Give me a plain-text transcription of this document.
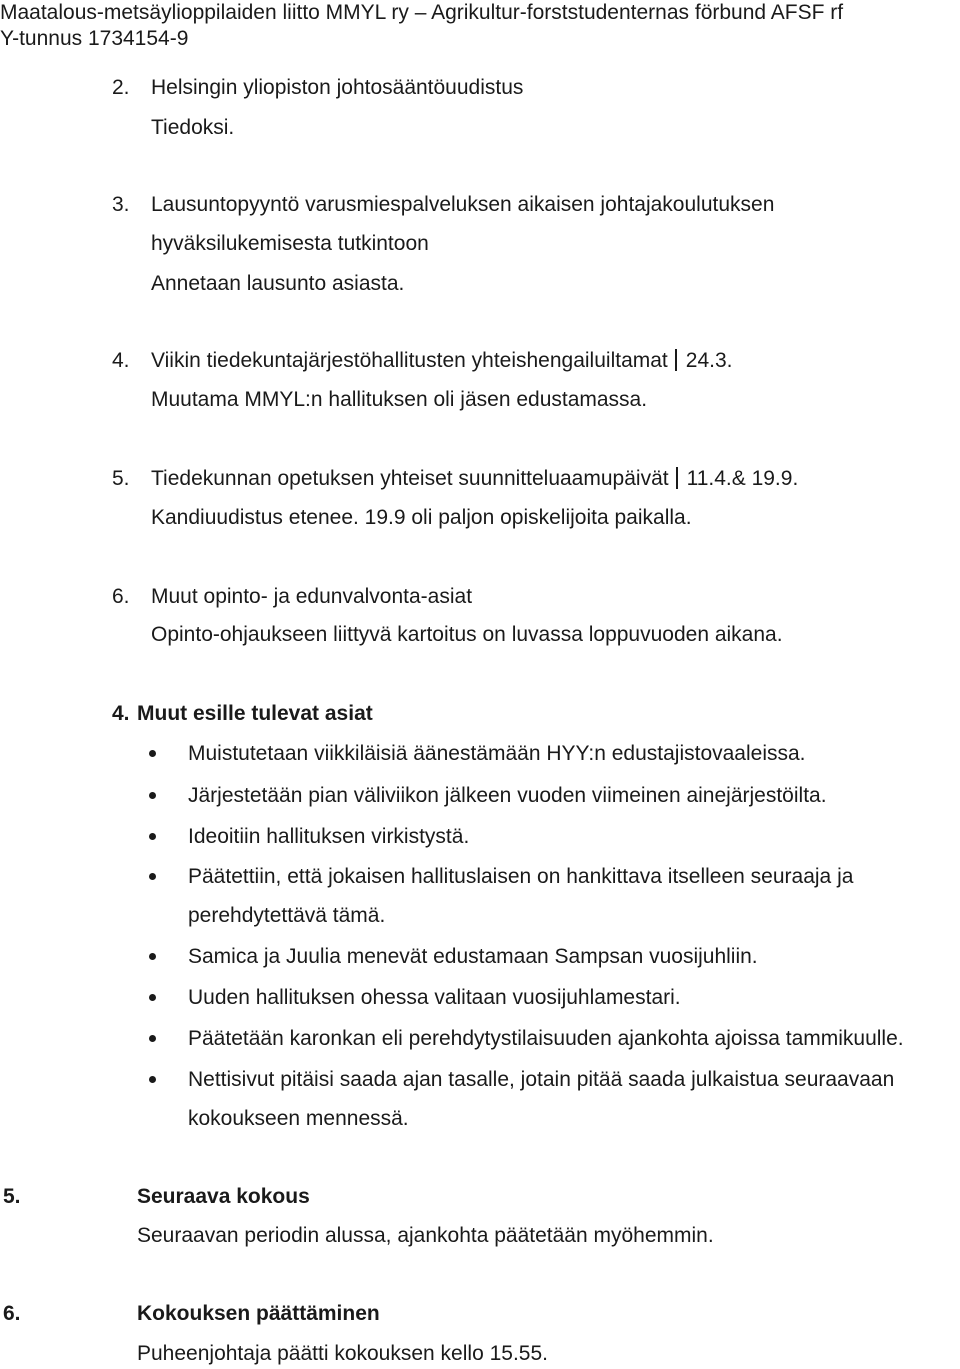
Maatalous-metsäylioppilaiden liitto MMYL ry – Agrikultur-forststudenternas förbund AFSF rf
Y-tunnus 1734154-9
2. Helsingin yliopiston johtosääntöuudistus
Tiedoksi.
3. Lausuntopyyntö varusmiespalveluksen aikaisen johtajakoulutuksen
hyväksilukemisesta tutkintoon
Annetaan lausunto asiasta.
4. Viikin tiedekuntajärjestöhallitusten yhteishengailuiltamat 24.3.
Muutama MMYL:n hallituksen oli jäsen edustamassa.
5. Tiedekunnan opetuksen yhteiset suunnitteluaamupäivät 11.4.& 19.9.
Kandiuudistus etenee. 19.9 oli paljon opiskelijoita paikalla.
6. Muut opinto- ja edunvalvonta-asiat
Opinto-ohjaukseen liittyvä kartoitus on luvassa loppuvuoden aikana.
4. Muut esille tulevat asiat
Muistutetaan viikkiläisiä äänestämään HYY:n edustajistovaaleissa.
Järjestetään pian väliviikon jälkeen vuoden viimeinen ainejärjestöilta.
Ideoitiin hallituksen virkistystä.
Päätettiin, että jokaisen hallituslaisen on hankittava itselleen seuraaja ja
perehdytettävä tämä.
Samica ja Juulia menevät edustamaan Sampsan vuosijuhliin.
Uuden hallituksen ohessa valitaan vuosijuhlamestari.
Päätetään karonkan eli perehdytystilaisuuden ajankohta ajoissa tammikuulle.
Nettisivut pitäisi saada ajan tasalle, jotain pitää saada julkaistua seuraavaan
kokoukseen mennessä.
5.	Seuraava kokous
Seuraavan periodin alussa, ajankohta päätetään myöhemmin.
6.	Kokouksen päättäminen
Puheenjohtaja päätti kokouksen kello 15.55.
